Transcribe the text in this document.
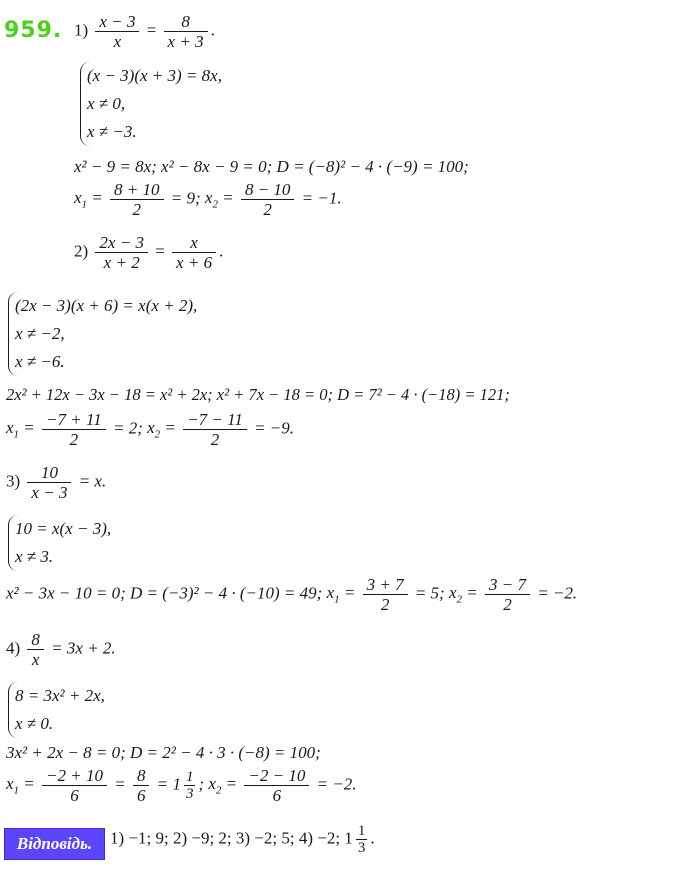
959. $1) \frac{x - 3}{x} = \frac{8}{x + 3}$ .
(x − 3)(x + 3) = 8x,
x ≠ 0,
x ≠ −3.
x² − 9 = 8x; x² − 8x − 9 = 0; D = (−8)² − 4 · (−9) = 100;
$x_1 = \frac{8 + 10}{2} = 9$; $x_2 = \frac{8 - 10}{2} = -1$.
$2) \frac{2x - 3}{x + 2} = \frac{x}{x + 6}$ .
(2x − 3)(x + 6) = x(x + 2),
x ≠ −2,
x ≠ −6.
2x² + 12x − 3x − 18 = x² + 2x; x² + 7x − 18 = 0; D = 7² − 4 · (−18) = 121;
$x_1 = \frac{-7 + 11}{2} = 2$; $x_2 = \frac{-7 - 11}{2} = -9$.
$3) \frac{10}{x - 3} = x$.
10 = x(x − 3),
x ≠ 3.
x² − 3x − 10 = 0; D = (−3)² − 4 · (−10) = 49; $x_1 = \frac{3 + 7}{2} = 5$; $x_2 = \frac{3 - 7}{2} = -2$.
$4) \frac{8}{x} = 3x + 2$.
8 = 3x² + 2x,
x ≠ 0.
3x² + 2x − 8 = 0; D = 2² − 4 · 3 · (−8) = 100;
$x_1 = \frac{-2 + 10}{6} = \frac{8}{6} = 1 \frac{1}{3}$ ; $x_2 = \frac{-2 - 10}{6} = -2$.
Відповідь.	1) −1; 9; 2) −9; 2; 3) −2; 5; 4) −2; $1 \frac{1}{3}$ .
